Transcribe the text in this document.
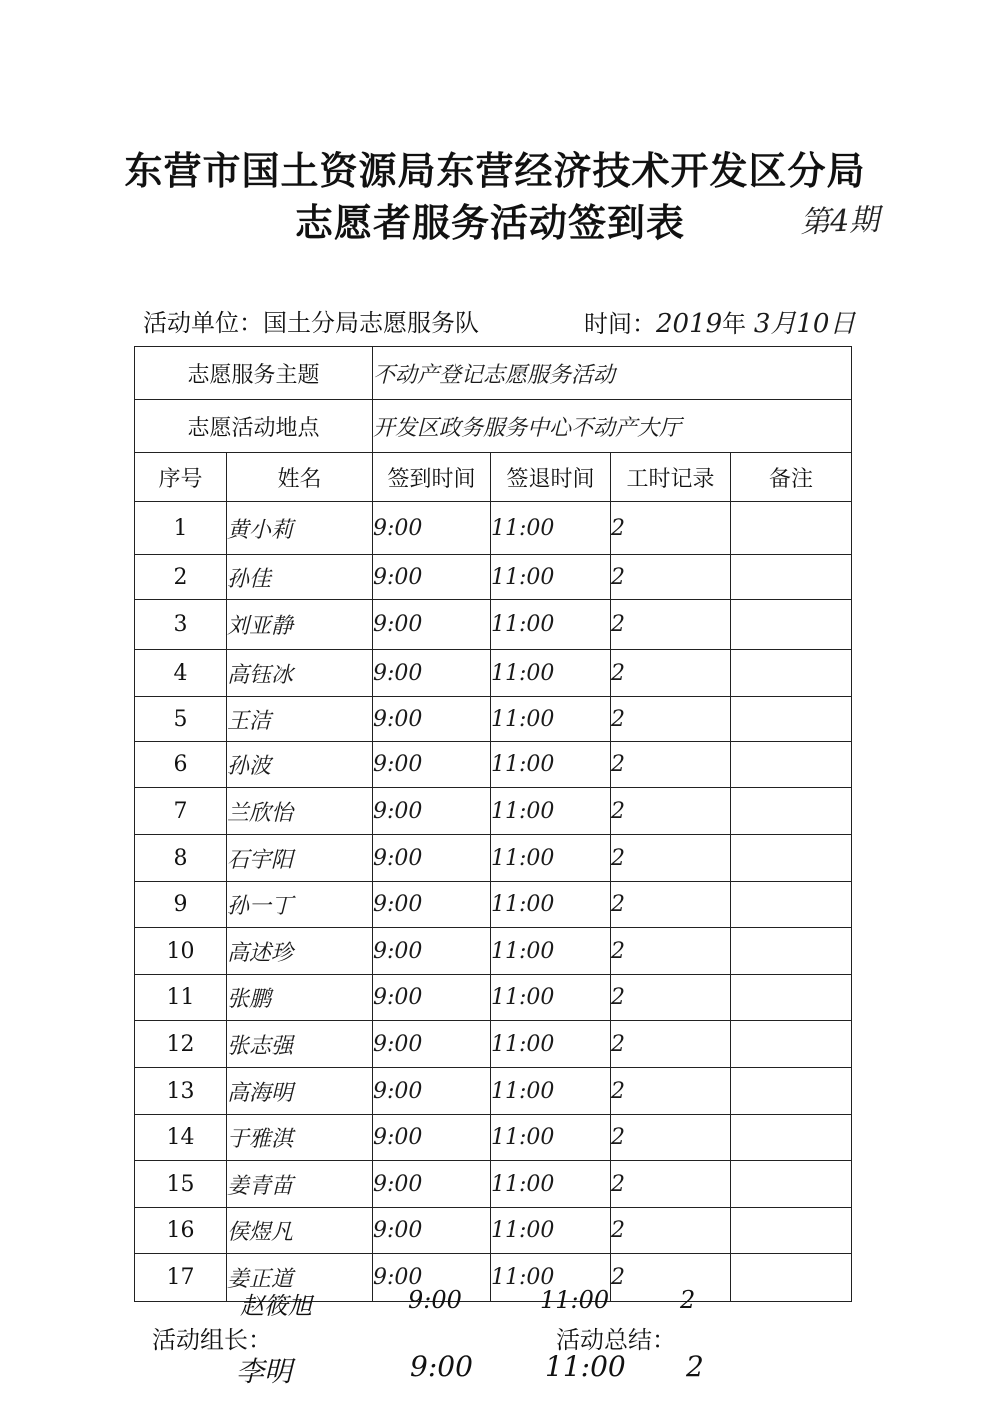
东营市国土资源局东营经济技术开发区分局
志愿者服务活动签到表	第4期
活动单位：国土分局志愿服务队	时间：2019年 3月10日
志愿服务主题		不动产登记志愿服务活动			
志愿活动地点		开发区政务服务中心不动产大厅			
序号	姓名	签到时间	签退时间	工时记录	备注
1	黄小莉	9:00	11:00	2	
2	孙佳	9:00	11:00	2	
3	刘亚静	9:00	11:00	2	
4	高钰冰	9:00	11:00	2	
5	王洁	9:00	11:00	2	
6	孙波	9:00	11:00	2	
7	兰欣怡	9:00	11:00	2	
8	石宇阳	9:00	11:00	2	
9	孙一丁	9:00	11:00	2	
10	高述珍	9:00	11:00	2	
11	张鹏	9:00	11:00	2	
12	张志强	9:00	11:00	2	
13	高海明	9:00	11:00	2	
14	于雅淇	9:00	11:00	2	
15	姜青苗	9:00	11:00	2	
16	侯煜凡	9:00	11:00	2	
17	姜正道	9:00	11:00	2	
赵筱旭	9:00	11:00	2
活动组长：	活动总结：
李明	9:00	11:00 2
